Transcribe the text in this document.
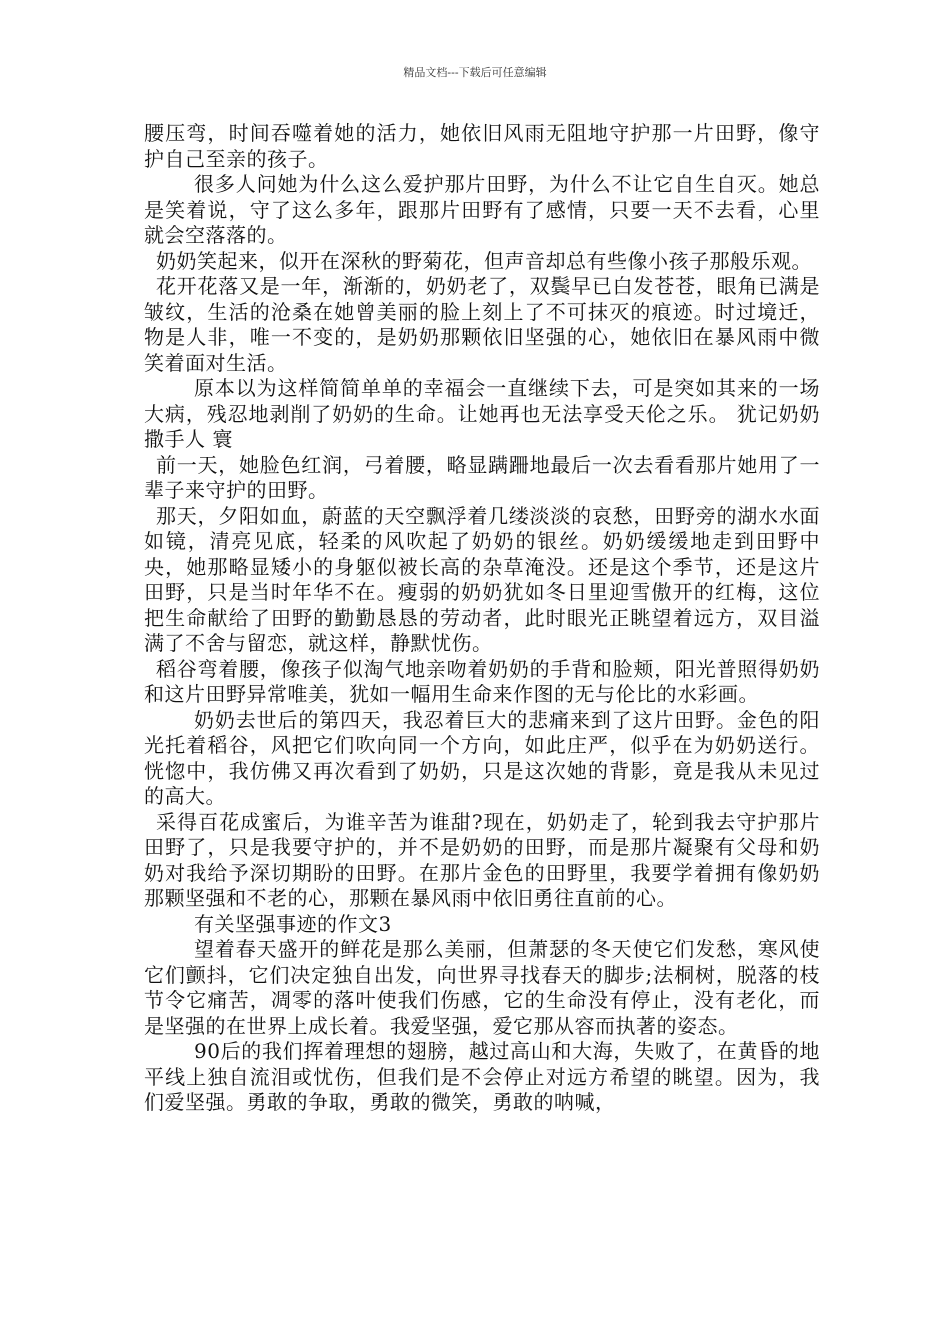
精品文档---下载后可任意编辑

腰压弯，时间吞噬着她的活力，她依旧风雨无阻地守护那一片田野，像守护自己至亲的孩子。

很多人问她为什么这么爱护那片田野，为什么不让它自生自灭。她总是笑着说，守了这么多年，跟那片田野有了感情，只要一天不去看，心里就会空落落的。

奶奶笑起来，似开在深秋的野菊花，但声音却总有些像小孩子那般乐观。

花开花落又是一年，渐渐的，奶奶老了，双鬓早已白发苍苍，眼角已满是皱纹，生活的沧桑在她曾美丽的脸上刻上了不可抹灭的痕迹。时过境迁，物是人非，唯一不变的，是奶奶那颗依旧坚强的心，她依旧在暴风雨中微笑着面对生活。

原本以为这样简简单单的幸福会一直继续下去，可是突如其来的一场大病，残忍地剥削了奶奶的生命。让她再也无法享受天伦之乐。 犹记奶奶撒手人 寰

前一天，她脸色红润，弓着腰，略显蹒跚地最后一次去看看那片她用了一辈子来守护的田野。

那天，夕阳如血，蔚蓝的天空飘浮着几缕淡淡的哀愁，田野旁的湖水水面如镜，清亮见底，轻柔的风吹起了奶奶的银丝。奶奶缓缓地走到田野中央，她那略显矮小的身躯似被长高的杂草淹没。还是这个季节，还是这片田野，只是当时年华不在。瘦弱的奶奶犹如冬日里迎雪傲开的红梅，这位把生命献给了田野的勤勤恳恳的劳动者，此时眼光正眺望着远方，双目溢满了不舍与留恋，就这样，静默忧伤。

稻谷弯着腰，像孩子似淘气地亲吻着奶奶的手背和脸颊，阳光普照得奶奶和这片田野异常唯美，犹如一幅用生命来作图的无与伦比的水彩画。

奶奶去世后的第四天，我忍着巨大的悲痛来到了这片田野。金色的阳光托着稻谷，风把它们吹向同一个方向，如此庄严，似乎在为奶奶送行。恍惚中，我仿佛又再次看到了奶奶，只是这次她的背影，竟是我从未见过的高大。

采得百花成蜜后，为谁辛苦为谁甜?现在，奶奶走了，轮到我去守护那片田野了，只是我要守护的，并不是奶奶的田野，而是那片凝聚有父母和奶奶对我给予深切期盼的田野。在那片金色的田野里，我要学着拥有像奶奶那颗坚强和不老的心，那颗在暴风雨中依旧勇往直前的心。

有关坚强事迹的作文3

望着春天盛开的鲜花是那么美丽，但萧瑟的冬天使它们发愁，寒风使它们颤抖，它们决定独自出发，向世界寻找春天的脚步;法桐树，脱落的枝节令它痛苦，凋零的落叶使我们伤感，它的生命没有停止，没有老化，而是坚强的在世界上成长着。我爱坚强，爱它那从容而执著的姿态。

90后的我们挥着理想的翅膀，越过高山和大海，失败了，在黄昏的地平线上独自流泪或忧伤，但我们是不会停止对远方希望的眺望。因为，我们爱坚强。勇敢的争取，勇敢的微笑，勇敢的呐喊，
